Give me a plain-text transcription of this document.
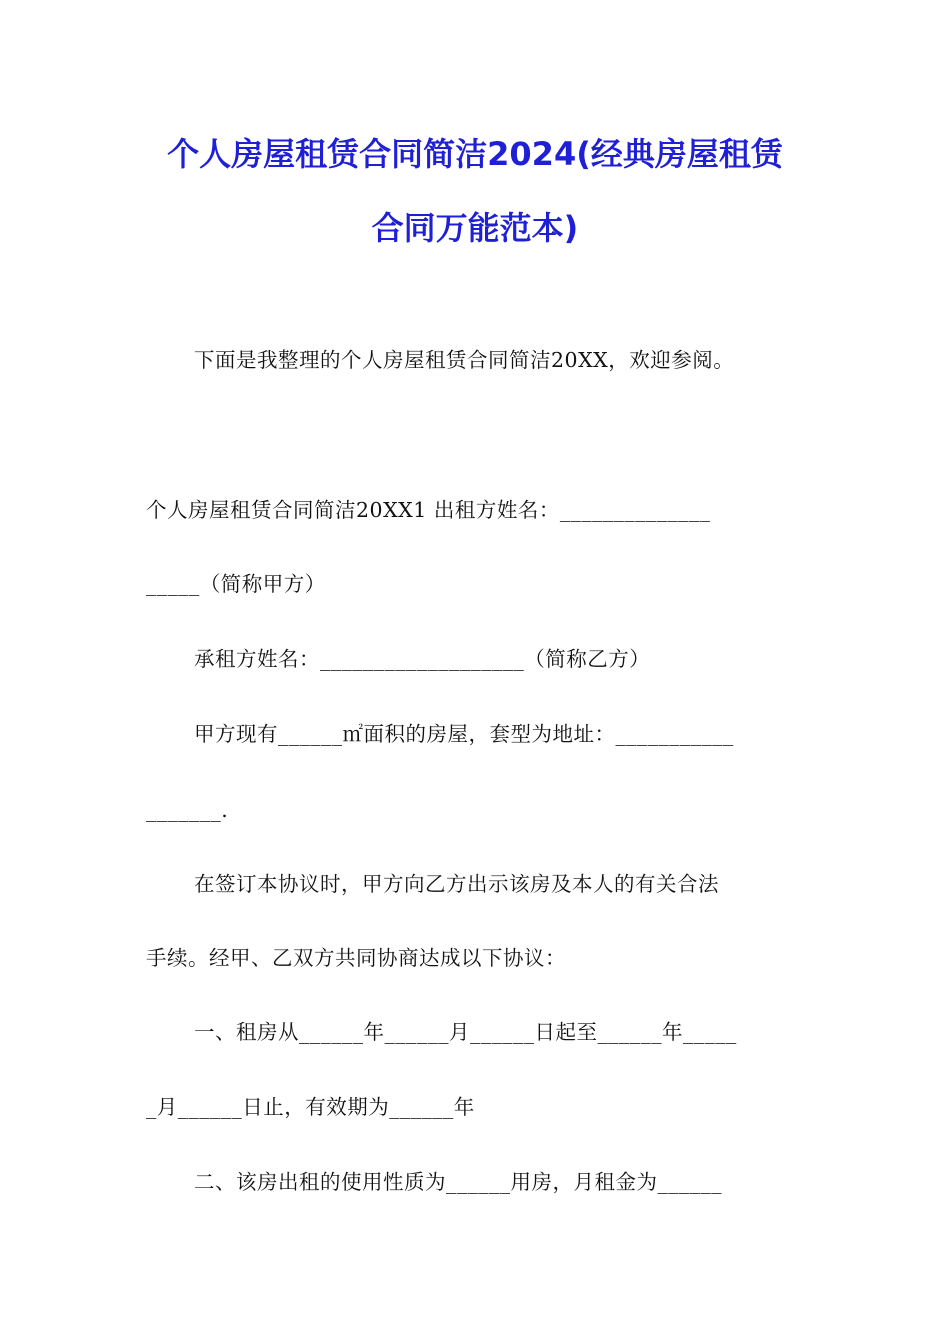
个人房屋租赁合同简洁2024(经典房屋租赁
合同万能范本)
下面是我整理的个人房屋租赁合同简洁20XX，欢迎参阅。
个人房屋租赁合同简洁20XX1 出租方姓名：______________
_____（简称甲方）
承租方姓名：___________________（简称乙方）
甲方现有______㎡面积的房屋，套型为地址：___________
_______.
在签订本协议时，甲方向乙方出示该房及本人的有关合法
手续。经甲、乙双方共同协商达成以下协议：
一、租房从______年______月______日起至______年_____
_月______日止，有效期为______年
二、该房出租的使用性质为______用房，月租金为______
